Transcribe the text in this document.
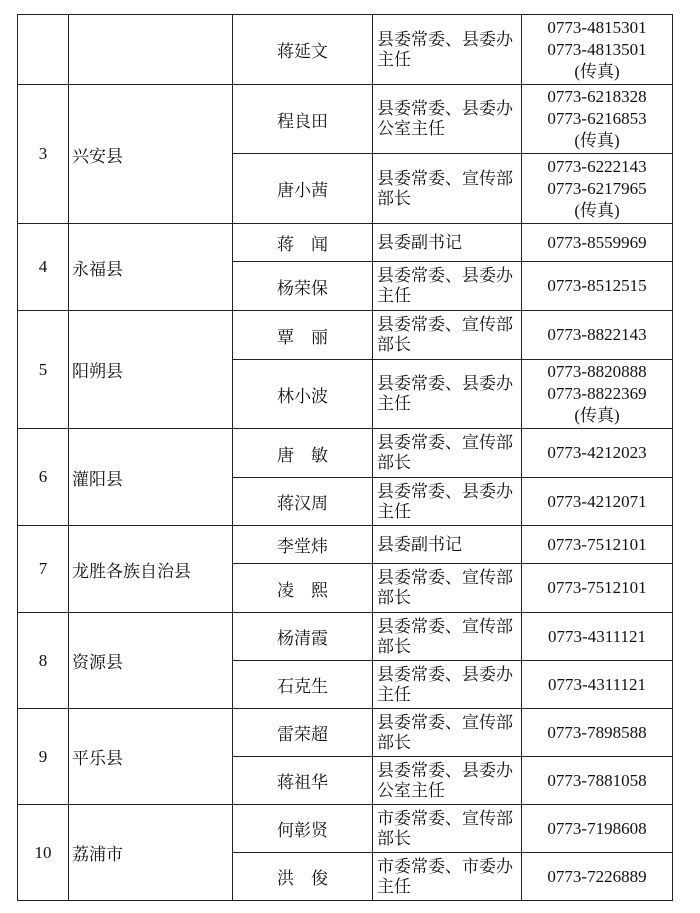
		蒋延文	县委常委、县委办主任	0773-4815301
0773-4813501
(传真)

3	兴安县	程良田	县委常委、县委办公室主任	0773-6218328
0773-6216853
(传真)

		唐小茜	县委常委、宣传部部长	0773-6222143
0773-6217965
(传真)

4	永福县	蒋　闻	县委副书记	0773-8559969

		杨荣保	县委常委、县委办主任	0773-8512515

5	阳朔县	覃　丽	县委常委、宣传部部长	0773-8822143

		林小波	县委常委、县委办主任	0773-8820888
0773-8822369
(传真)

6	灌阳县	唐　敏	县委常委、宣传部部长	0773-4212023

		蒋汉周	县委常委、县委办主任	0773-4212071

7	龙胜各族自治县	李堂炜	县委副书记	0773-7512101

		凌　熙	县委常委、宣传部部长	0773-7512101

8	资源县	杨清霞	县委常委、宣传部部长	0773-4311121

		石克生	县委常委、县委办主任	0773-4311121

9	平乐县	雷荣超	县委常委、宣传部部长	0773-7898588

		蒋祖华	县委常委、县委办公室主任	0773-7881058

10	荔浦市	何彰贤	市委常委、宣传部部长	0773-7198608

		洪　俊	市委常委、市委办主任	0773-7226889
